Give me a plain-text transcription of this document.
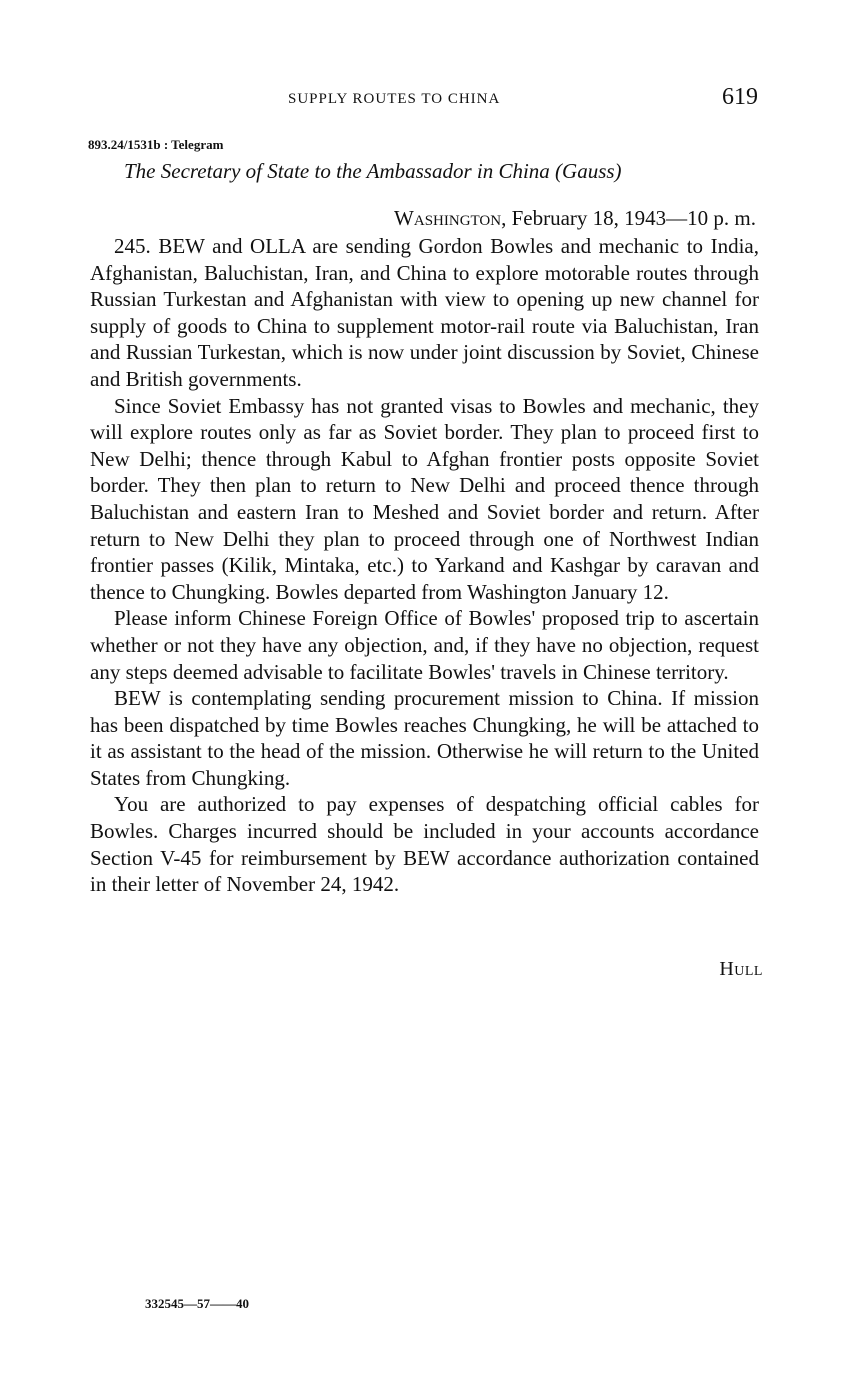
SUPPLY ROUTES TO CHINA	619
893.24/1531b : Telegram
The Secretary of State to the Ambassador in China (Gauss)
Washington, February 18, 1943—10 p. m.

245. BEW and OLLA are sending Gordon Bowles and mechanic to India, Afghanistan, Baluchistan, Iran, and China to explore motorable routes through Russian Turkestan and Afghanistan with view to opening up new channel for supply of goods to China to supplement motor-rail route via Baluchistan, Iran and Russian Turkestan, which is now under joint discussion by Soviet, Chinese and British governments.

Since Soviet Embassy has not granted visas to Bowles and mechanic, they will explore routes only as far as Soviet border. They plan to proceed first to New Delhi; thence through Kabul to Afghan frontier posts opposite Soviet border. They then plan to return to New Delhi and proceed thence through Baluchistan and eastern Iran to Meshed and Soviet border and return. After return to New Delhi they plan to proceed through one of Northwest Indian frontier passes (Kilik, Mintaka, etc.) to Yarkand and Kashgar by caravan and thence to Chungking. Bowles departed from Washington January 12.

Please inform Chinese Foreign Office of Bowles' proposed trip to ascertain whether or not they have any objection, and, if they have no objection, request any steps deemed advisable to facilitate Bowles' travels in Chinese territory.

BEW is contemplating sending procurement mission to China. If mission has been dispatched by time Bowles reaches Chungking, he will be attached to it as assistant to the head of the mission. Otherwise he will return to the United States from Chungking.

You are authorized to pay expenses of despatching official cables for Bowles. Charges incurred should be included in your accounts accordance Section V-45 for reimbursement by BEW accordance authorization contained in their letter of November 24, 1942.

Hull
332545—57——40
